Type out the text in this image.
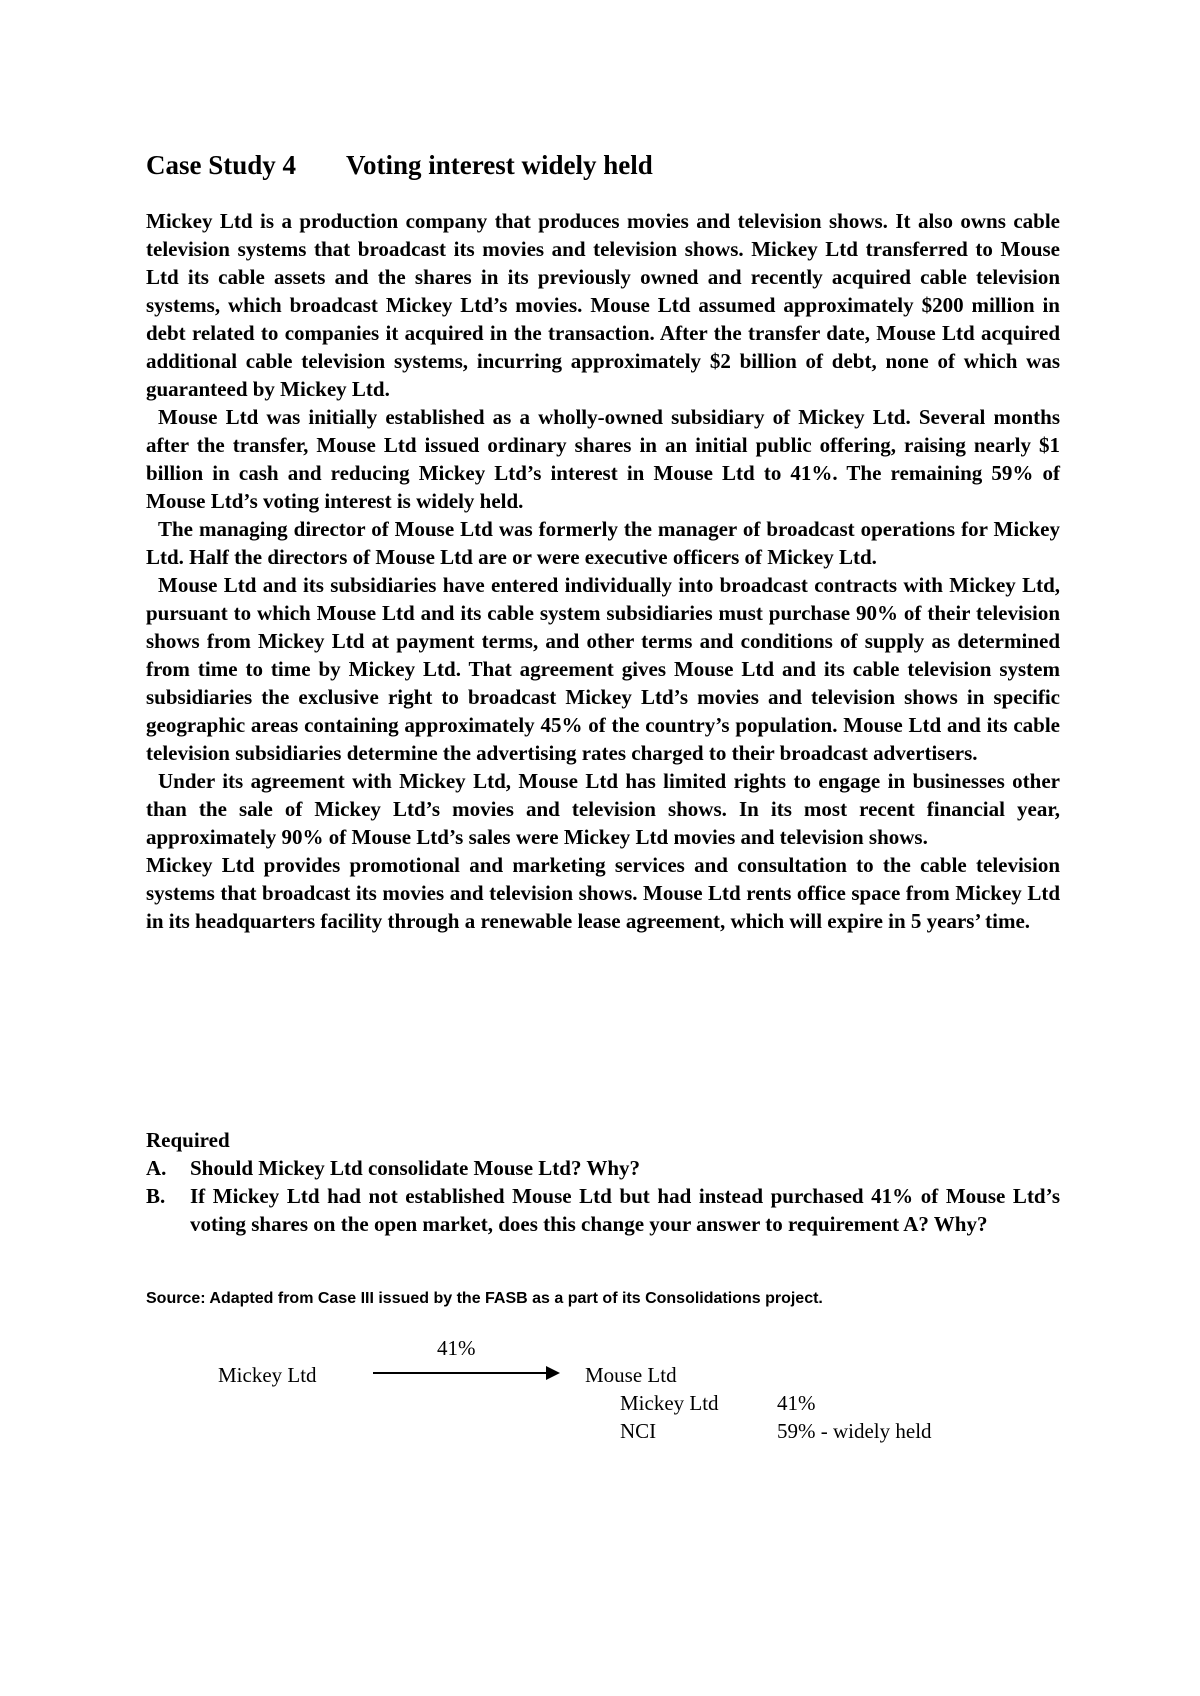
Case Study 4 Voting interest widely held

Mickey Ltd is a production company that produces movies and television shows. It also owns cable television systems that broadcast its movies and television shows. Mickey Ltd transferred to Mouse Ltd its cable assets and the shares in its previously owned and recently acquired cable television systems, which broadcast Mickey Ltd’s movies. Mouse Ltd assumed approximately $200 million in debt related to companies it acquired in the transaction. After the transfer date, Mouse Ltd acquired additional cable television systems, incurring approximately $2 billion of debt, none of which was guaranteed by Mickey Ltd.

Mouse Ltd was initially established as a wholly-owned subsidiary of Mickey Ltd. Several months after the transfer, Mouse Ltd issued ordinary shares in an initial public offering, raising nearly $1 billion in cash and reducing Mickey Ltd’s interest in Mouse Ltd to 41%. The remaining 59% of Mouse Ltd’s voting interest is widely held.

The managing director of Mouse Ltd was formerly the manager of broadcast operations for Mickey Ltd. Half the directors of Mouse Ltd are or were executive officers of Mickey Ltd.

Mouse Ltd and its subsidiaries have entered individually into broadcast contracts with Mickey Ltd, pursuant to which Mouse Ltd and its cable system subsidiaries must purchase 90% of their television shows from Mickey Ltd at payment terms, and other terms and conditions of supply as determined from time to time by Mickey Ltd. That agreement gives Mouse Ltd and its cable television system subsidiaries the exclusive right to broadcast Mickey Ltd’s movies and television shows in specific geographic areas containing approximately 45% of the country’s population. Mouse Ltd and its cable television subsidiaries determine the advertising rates charged to their broadcast advertisers.

Under its agreement with Mickey Ltd, Mouse Ltd has limited rights to engage in businesses other than the sale of Mickey Ltd’s movies and television shows. In its most recent financial year, approximately 90% of Mouse Ltd’s sales were Mickey Ltd movies and television shows.

Mickey Ltd provides promotional and marketing services and consultation to the cable television systems that broadcast its movies and television shows. Mouse Ltd rents office space from Mickey Ltd in its headquarters facility through a renewable lease agreement, which will expire in 5 years’ time.

Required

A.	Should Mickey Ltd consolidate Mouse Ltd? Why?
B.	If Mickey Ltd had not established Mouse Ltd but had instead purchased 41% of Mouse Ltd’s voting shares on the open market, does this change your answer to requirement A? Why?
Source: Adapted from Case III issued by the FASB as a part of its Consolidations project.
41%
Mickey Ltd	Mouse Ltd
Mickey Ltd	41%
NCI	59% - widely held
